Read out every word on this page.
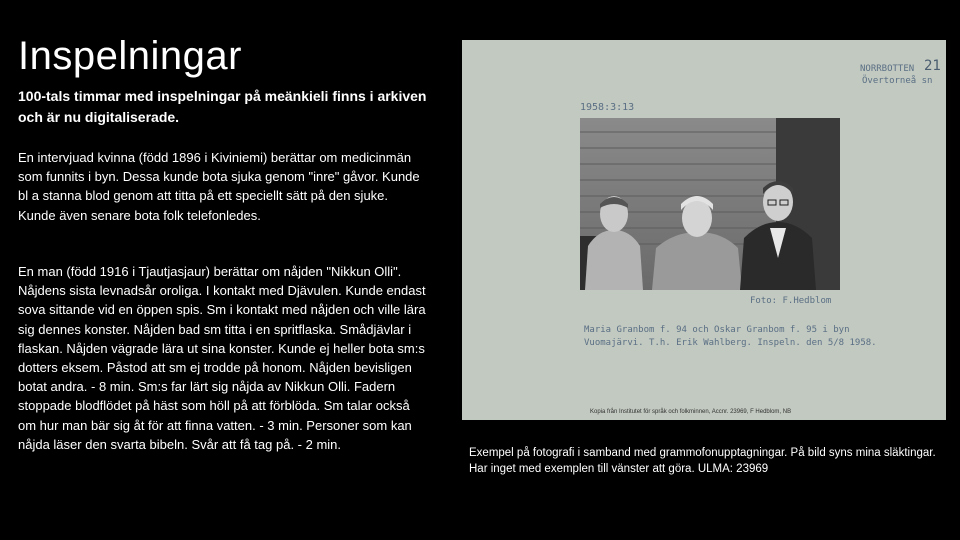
Inspelningar

100-tals timmar med inspelningar på meänkieli finns i arkiven och är nu digitaliserade.

En intervjuad kvinna (född 1896 i Kiviniemi) berättar om medicinmän som funnits i byn. Dessa kunde bota sjuka genom "inre" gåvor. Kunde bl a stanna blod genom att titta på ett speciellt sätt på den sjuke. Kunde även senare bota folk telefonledes.

En man (född 1916 i Tjautjasjaur) berättar om nåjden "Nikkun Olli". Nåjdens sista levnadsår oroliga. I kontakt med Djävulen. Kunde endast sova sittande vid en öppen spis. Sm i kontakt med nåjden och ville lära sig dennes konster. Nåjden bad sm titta i en spritflaska. Smådjävlar i flaskan. Nåjden vägrade lära ut sina konster. Kunde ej heller bota sm:s dotters eksem. Påstod att sm ej trodde på honom. Nåjden bevisligen botat andra. - 8 min. Sm:s far lärt sig nåjda av Nikkun Olli. Fadern stoppade blodflödet på häst som höll på att förblöda. Sm talar också om hur man bär sig åt för att finna vatten. - 3 min. Personer som kan nåjda läser den svarta bibeln. Svår att få tag på. - 2 min.

NORRBOTTEN 21
Övertorneå sn
1958:3:13
Foto: F.Hedblom
Maria Granbom f. 94 och Oskar Granbom f. 95 i byn
Vuomajärvi. T.h. Erik Wahlberg. Inspeln. den 5/8 1958.
Kopia från Institutet för språk och folkminnen, Accnr. 23969, F Hedblom, NB

Exempel på fotografi i samband med grammofonupptagningar. På bild syns mina släktingar. Har inget med exemplen till vänster att göra. ULMA: 23969
